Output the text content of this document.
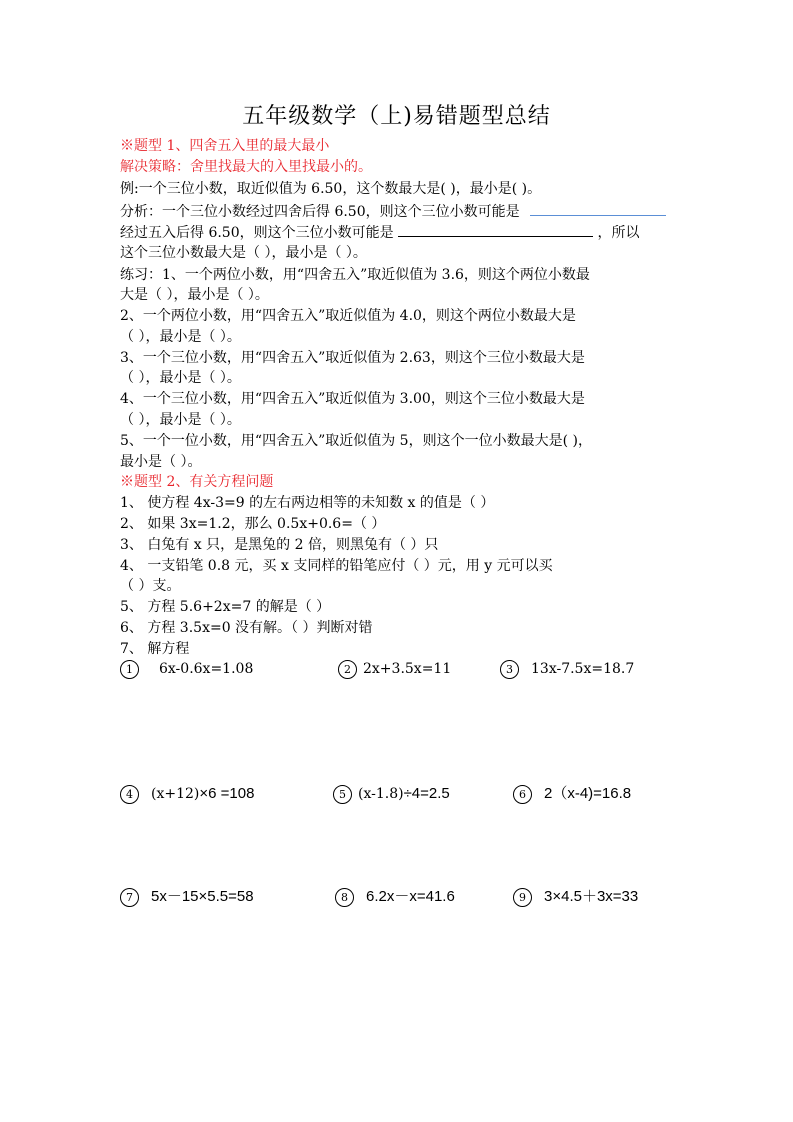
五年级数学（上)易错题型总结
※题型 1、四舍五入里的最大最小
解决策略：舍里找最大的入里找最小的。
例:一个三位小数，取近似值为 6.50，这个数最大是( )，最小是( )。
分析：一个三位小数经过四舍后得 6.50，则这个三位小数可能是
经过五入后得 6.50，则这个三位小数可能是	，所以
这个三位小数最大是（ ），最小是（ ）。
练习：1、一个两位小数，用“四舍五入”取近似值为 3.6，则这个两位小数最
大是（ ），最小是（ ）。
2、一个两位小数，用“四舍五入”取近似值为 4.0，则这个两位小数最大是
（ ），最小是（ ）。
3、一个三位小数，用“四舍五入”取近似值为 2.63，则这个三位小数最大是
（ ），最小是（ ）。
4、一个三位小数，用“四舍五入”取近似值为 3.00，则这个三位小数最大是
（ ），最小是（ ）。
5、一个一位小数，用“四舍五入”取近似值为 5，则这个一位小数最大是( )，
最小是（ ）。
※题型 2、有关方程问题
1、 使方程 4x-3=9 的左右两边相等的未知数 x 的值是（ ）
2、 如果 3x=1.2，那么 0.5x+0.6=（ ）
3、 白兔有 x 只，是黑兔的 2 倍，则黑兔有（ ）只
4、 一支铅笔 0.8 元，买 x 支同样的铅笔应付（ ）元，用 y 元可以买
（ ）支。
5、 方程 5.6+2x=7 的解是（ ）
6、 方程 3.5x=0 没有解。（ ）判断对错
7、 解方程
1 6x-0.6x=1.08	2 2x+3.5x=11	3 13x-7.5x=18.7
4 (x+12)×6 =108	5 (x-1.8)÷4=2.5	6 2（x-4)=16.8
7 5x－15×5.5=58	8 6.2x－x=41.6	9 3×4.5＋3x=33
